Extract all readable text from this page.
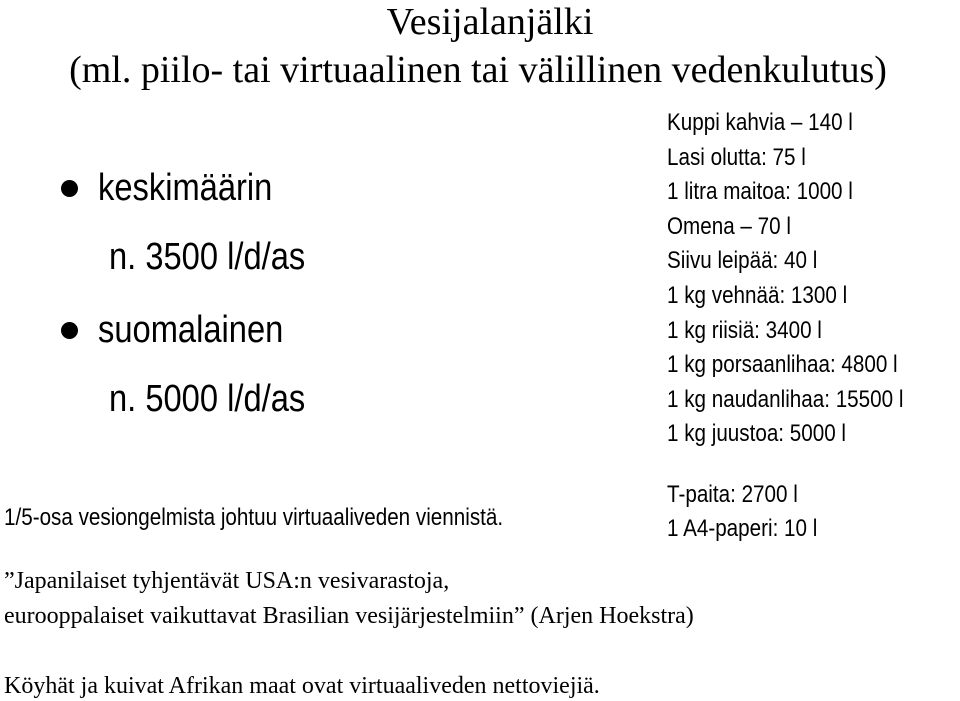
Vesijalanjälki
(ml. piilo- tai virtuaalinen tai välillinen vedenkulutus)
keskimäärin
n. 3500 l/d/as
suomalainen
n. 5000 l/d/as
Kuppi kahvia – 140 l
Lasi olutta: 75 l
1 litra maitoa: 1000 l
Omena – 70 l
Siivu leipää: 40 l
1 kg vehnää: 1300 l
1 kg riisiä: 3400 l
1 kg porsaanlihaa: 4800 l
1 kg naudanlihaa: 15500 l
1 kg juustoa: 5000 l
T-paita: 2700 l
1 A4-paperi: 10 l
1/5-osa vesiongelmista johtuu virtuaaliveden viennistä.
”Japanilaiset tyhjentävät USA:n vesivarastoja,
eurooppalaiset vaikuttavat Brasilian vesijärjestelmiin” (Arjen Hoekstra)
Köyhät ja kuivat Afrikan maat ovat virtuaaliveden nettoviejiä.
